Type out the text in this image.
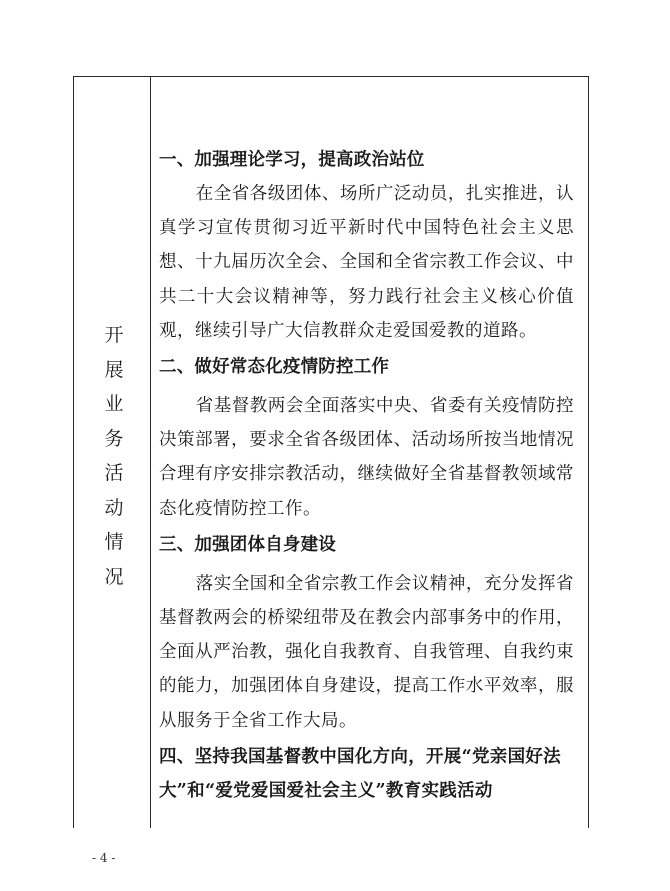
开
展
业
务
活
动
情
况

一、加强理论学习，提高政治站位

在全省各级团体、场所广泛动员，扎实推进，认真学习宣传贯彻习近平新时代中国特色社会主义思想、十九届历次全会、全国和全省宗教工作会议、中共二十大会议精神等，努力践行社会主义核心价值观，继续引导广大信教群众走爱国爱教的道路。

二、做好常态化疫情防控工作

省基督教两会全面落实中央、省委有关疫情防控决策部署，要求全省各级团体、活动场所按当地情况合理有序安排宗教活动，继续做好全省基督教领域常态化疫情防控工作。

三、加强团体自身建设

落实全国和全省宗教工作会议精神，充分发挥省基督教两会的桥梁纽带及在教会内部事务中的作用，全面从严治教，强化自我教育、自我管理、自我约束的能力，加强团体自身建设，提高工作水平效率，服从服务于全省工作大局。

四、坚持我国基督教中国化方向，开展“党亲国好法大”和“爱党爱国爱社会主义”教育实践活动

- 4 -
